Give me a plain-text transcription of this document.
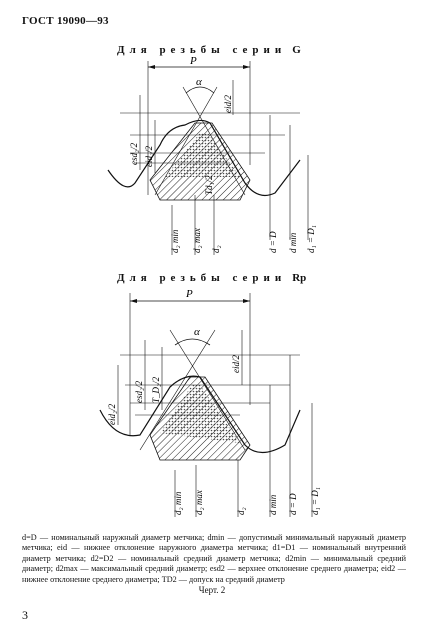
ГОСТ 19090—93
Для резьбы серии G
P
α
esd₂/2 eid₂/2
eid/2
Td₁/2
d₂ min d₂ max d₂	d = D d min d₁ = D₁
Для резьбы серии Rp
P
α
eid₂/2
esd₂/2 T_D₂/2
eid/2
d₂ min d₂ max	d₂ d min d = D d₁ = D₁

d=D — номинальный наружный диаметр метчика; dmin — допустимый минимальный наружный диаметр метчика; eid — нижнее отклонение наружного диаметра метчика; d1=D1 — номинальный внутренний диаметр метчика; d2=D2 — номинальный средний диаметр метчика; d2min — минимальный средний диаметр; d2max — максимальный средний диаметр; esd2 — верхнее отклонение среднего диаметра; eid2 — нижнее отклонение среднего диаметра; TD2 — допуск на средний диаметр

Черт. 2
3
